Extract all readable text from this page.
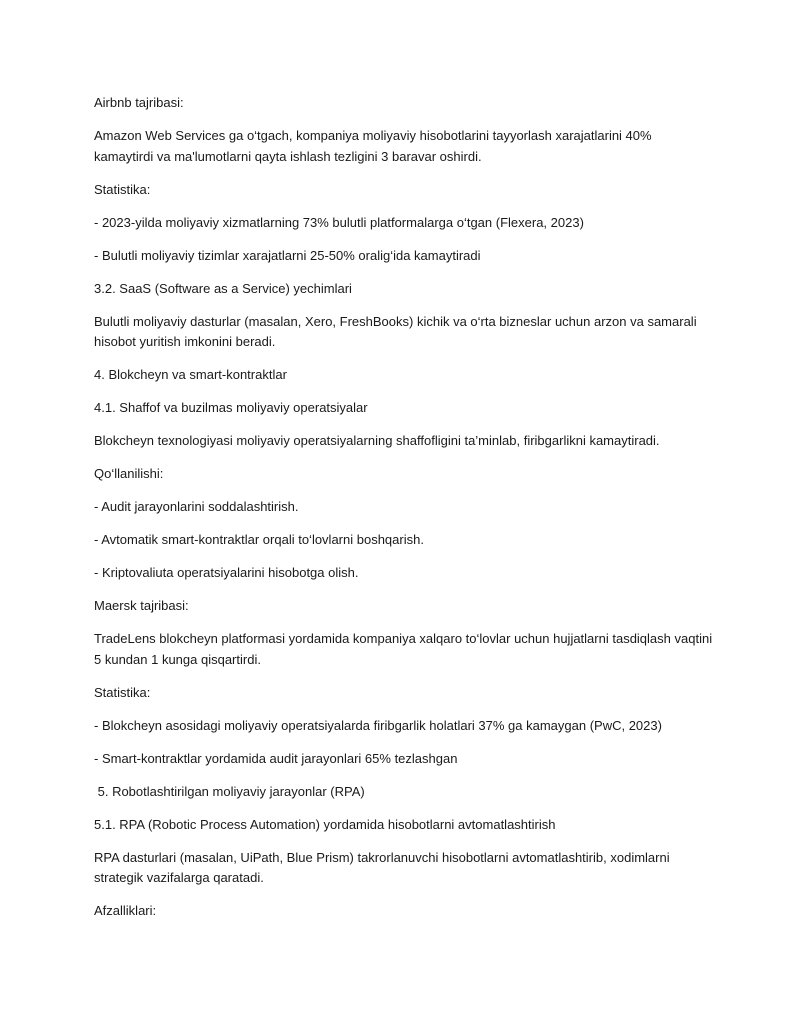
Airbnb tajribasi:

Amazon Web Services ga o‘tgach, kompaniya moliyaviy hisobotlarini tayyorlash xarajatlarini 40% kamaytirdi va ma'lumotlarni qayta ishlash tezligini 3 baravar oshirdi.

Statistika:

- 2023-yilda moliyaviy xizmatlarning 73% bulutli platformalarga o‘tgan (Flexera, 2023)

- Bulutli moliyaviy tizimlar xarajatlarni 25-50% oralig‘ida kamaytiradi

3.2. SaaS (Software as a Service) yechimlari

Bulutli moliyaviy dasturlar (masalan, Xero, FreshBooks) kichik va o‘rta bizneslar uchun arzon va samarali hisobot yuritish imkonini beradi.

4. Blokcheyn va smart-kontraktlar

4.1. Shaffof va buzilmas moliyaviy operatsiyalar

Blokcheyn texnologiyasi moliyaviy operatsiyalarning shaffofligini ta’minlab, firibgarlikni kamaytiradi.

Qo‘llanilishi:

- Audit jarayonlarini soddalashtirish.

- Avtomatik smart-kontraktlar orqali to‘lovlarni boshqarish.

- Kriptovaliuta operatsiyalarini hisobotga olish.

Maersk tajribasi:

TradeLens blokcheyn platformasi yordamida kompaniya xalqaro to‘lovlar uchun hujjatlarni tasdiqlash vaqtini 5 kundan 1 kunga qisqartirdi.

Statistika:

- Blokcheyn asosidagi moliyaviy operatsiyalarda firibgarlik holatlari 37% ga kamaygan (PwC, 2023)

- Smart-kontraktlar yordamida audit jarayonlari 65% tezlashgan

5. Robotlashtirilgan moliyaviy jarayonlar (RPA)

5.1. RPA (Robotic Process Automation) yordamida hisobotlarni avtomatlashtirish

RPA dasturlari (masalan, UiPath, Blue Prism) takrorlanuvchi hisobotlarni avtomatlashtirib, xodimlarni strategik vazifalarga qaratadi.

Afzalliklari:
